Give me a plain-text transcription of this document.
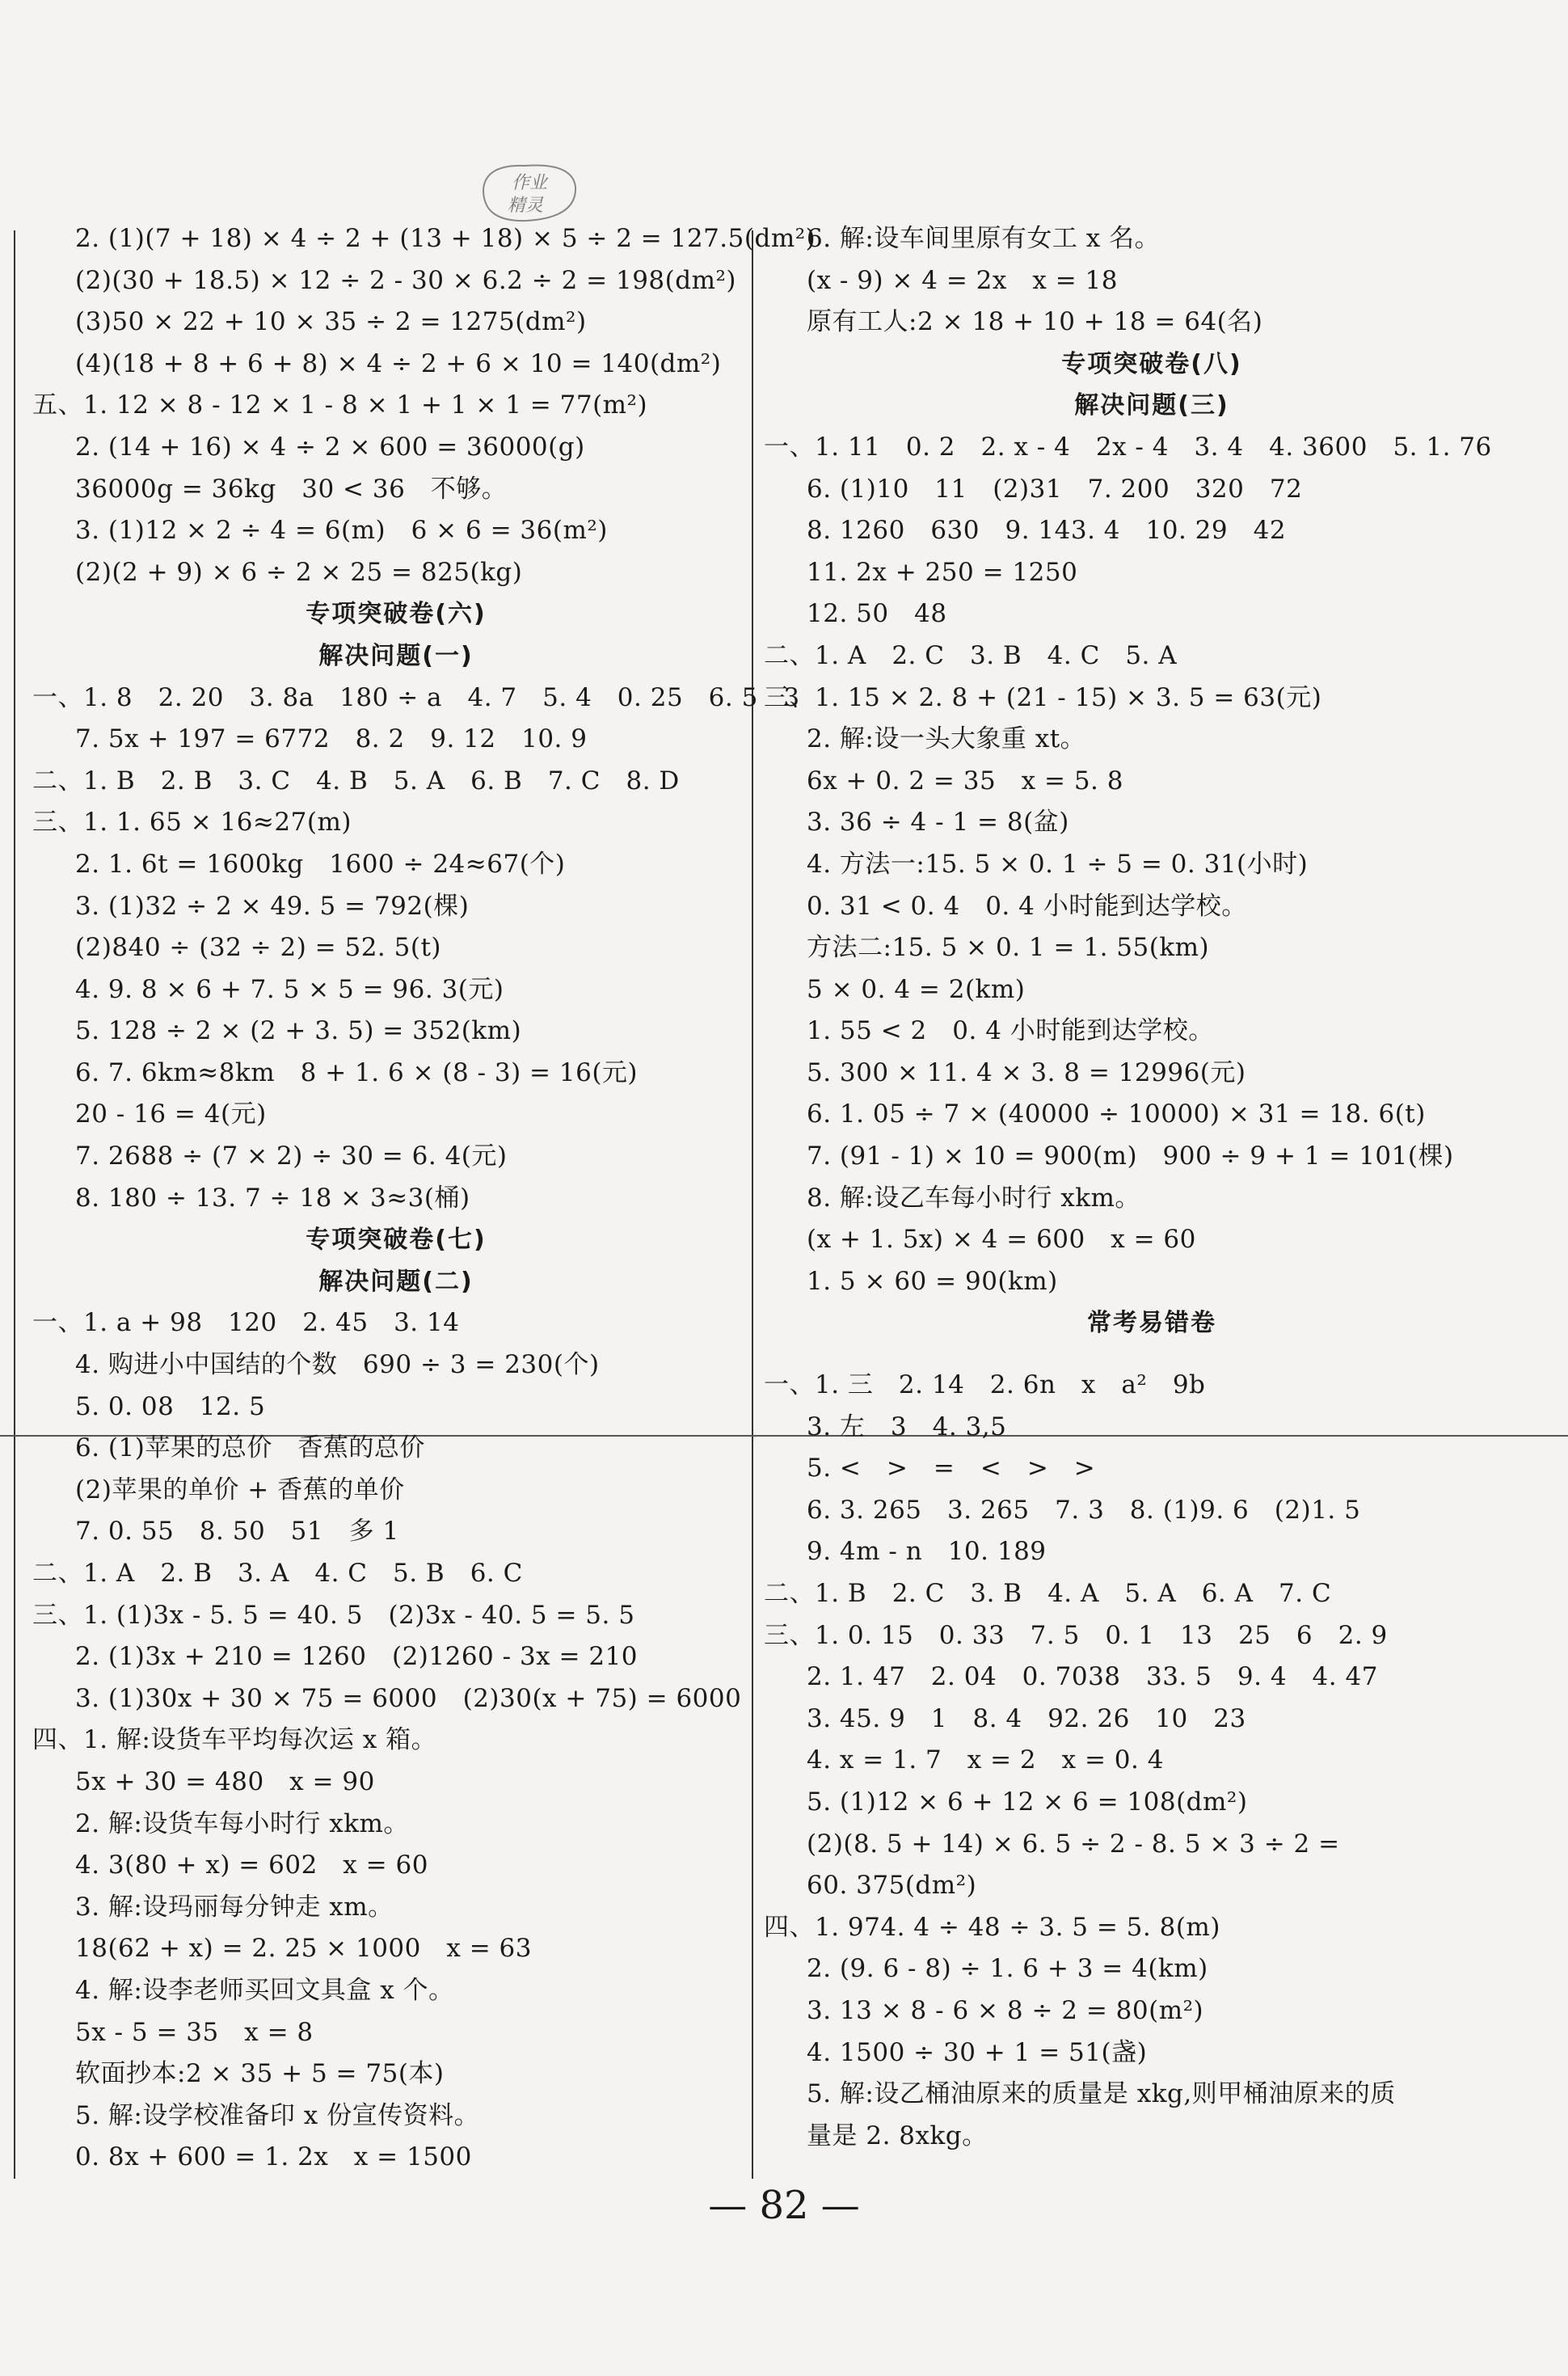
作业
精灵
2. (1)(7 + 18) × 4 ÷ 2 + (13 + 18) × 5 ÷ 2 = 127.5(dm²)
(2)(30 + 18.5) × 12 ÷ 2 - 30 × 6.2 ÷ 2 = 198(dm²)
(3)50 × 22 + 10 × 35 ÷ 2 = 1275(dm²)
(4)(18 + 8 + 6 + 8) × 4 ÷ 2 + 6 × 10 = 140(dm²)
五、1. 12 × 8 - 12 × 1 - 8 × 1 + 1 × 1 = 77(m²)
2. (14 + 16) × 4 ÷ 2 × 600 = 36000(g)
36000g = 36kg　30 < 36　不够。
3. (1)12 × 2 ÷ 4 = 6(m)　6 × 6 = 36(m²)
(2)(2 + 9) × 6 ÷ 2 × 25 = 825(kg)
专项突破卷(六)
解决问题(一)
一、1. 8　2. 20　3. 8a　180 ÷ a　4. 7　5. 4　0. 25　6. 5　3
7. 5x + 197 = 6772　8. 2　9. 12　10. 9
二、1. B　2. B　3. C　4. B　5. A　6. B　7. C　8. D
三、1. 1. 65 × 16≈27(m)
2. 1. 6t = 1600kg　1600 ÷ 24≈67(个)
3. (1)32 ÷ 2 × 49. 5 = 792(棵)
(2)840 ÷ (32 ÷ 2) = 52. 5(t)
4. 9. 8 × 6 + 7. 5 × 5 = 96. 3(元)
5. 128 ÷ 2 × (2 + 3. 5) = 352(km)
6. 7. 6km≈8km　8 + 1. 6 × (8 - 3) = 16(元)
20 - 16 = 4(元)
7. 2688 ÷ (7 × 2) ÷ 30 = 6. 4(元)
8. 180 ÷ 13. 7 ÷ 18 × 3≈3(桶)
专项突破卷(七)
解决问题(二)
一、1. a + 98　120　2. 45　3. 14
4. 购进小中国结的个数　690 ÷ 3 = 230(个)
5. 0. 08　12. 5
6. (1)苹果的总价　香蕉的总价
(2)苹果的单价 + 香蕉的单价
7. 0. 55　8. 50　51　多 1
二、1. A　2. B　3. A　4. C　5. B　6. C
三、1. (1)3x - 5. 5 = 40. 5　(2)3x - 40. 5 = 5. 5
2. (1)3x + 210 = 1260　(2)1260 - 3x = 210
3. (1)30x + 30 × 75 = 6000　(2)30(x + 75) = 6000
四、1. 解:设货车平均每次运 x 箱。
5x + 30 = 480　x = 90
2. 解:设货车每小时行 xkm。
4. 3(80 + x) = 602　x = 60
3. 解:设玛丽每分钟走 xm。
18(62 + x) = 2. 25 × 1000　x = 63
4. 解:设李老师买回文具盒 x 个。
5x - 5 = 35　x = 8
软面抄本:2 × 35 + 5 = 75(本)
5. 解:设学校准备印 x 份宣传资料。
0. 8x + 600 = 1. 2x　x = 1500
6. 解:设车间里原有女工 x 名。
(x - 9) × 4 = 2x　x = 18
原有工人:2 × 18 + 10 + 18 = 64(名)
专项突破卷(八)
解决问题(三)
一、1. 11　0. 2　2. x - 4　2x - 4　3. 4　4. 3600　5. 1. 76
6. (1)10　11　(2)31　7. 200　320　72
8. 1260　630　9. 143. 4　10. 29　42
11. 2x + 250 = 1250
12. 50　48
二、1. A　2. C　3. B　4. C　5. A
三、1. 15 × 2. 8 + (21 - 15) × 3. 5 = 63(元)
2. 解:设一头大象重 xt。
6x + 0. 2 = 35　x = 5. 8
3. 36 ÷ 4 - 1 = 8(盆)
4. 方法一:15. 5 × 0. 1 ÷ 5 = 0. 31(小时)
0. 31 < 0. 4　0. 4 小时能到达学校。
方法二:15. 5 × 0. 1 = 1. 55(km)
5 × 0. 4 = 2(km)
1. 55 < 2　0. 4 小时能到达学校。
5. 300 × 11. 4 × 3. 8 = 12996(元)
6. 1. 05 ÷ 7 × (40000 ÷ 10000) × 31 = 18. 6(t)
7. (91 - 1) × 10 = 900(m)　900 ÷ 9 + 1 = 101(棵)
8. 解:设乙车每小时行 xkm。
(x + 1. 5x) × 4 = 600　x = 60
1. 5 × 60 = 90(km)
常考易错卷
一、1. 三　2. 14　2. 6n　x　a²　9b
3. 左　3　4. 3,5
5. <　>　=　<　>　>
6. 3. 265　3. 265　7. 3　8. (1)9. 6　(2)1. 5
9. 4m - n　10. 189
二、1. B　2. C　3. B　4. A　5. A　6. A　7. C
三、1. 0. 15　0. 33　7. 5　0. 1　13　25　6　2. 9
2. 1. 47　2. 04　0. 7038　33. 5　9. 4　4. 47
3. 45. 9　1　8. 4　92. 26　10　23
4. x = 1. 7　x = 2　x = 0. 4
5. (1)12 × 6 + 12 × 6 = 108(dm²)
(2)(8. 5 + 14) × 6. 5 ÷ 2 - 8. 5 × 3 ÷ 2 =
60. 375(dm²)
四、1. 974. 4 ÷ 48 ÷ 3. 5 = 5. 8(m)
2. (9. 6 - 8) ÷ 1. 6 + 3 = 4(km)
3. 13 × 8 - 6 × 8 ÷ 2 = 80(m²)
4. 1500 ÷ 30 + 1 = 51(盏)
5. 解:设乙桶油原来的质量是 xkg,则甲桶油原来的质
量是 2. 8xkg。
— 82 —
